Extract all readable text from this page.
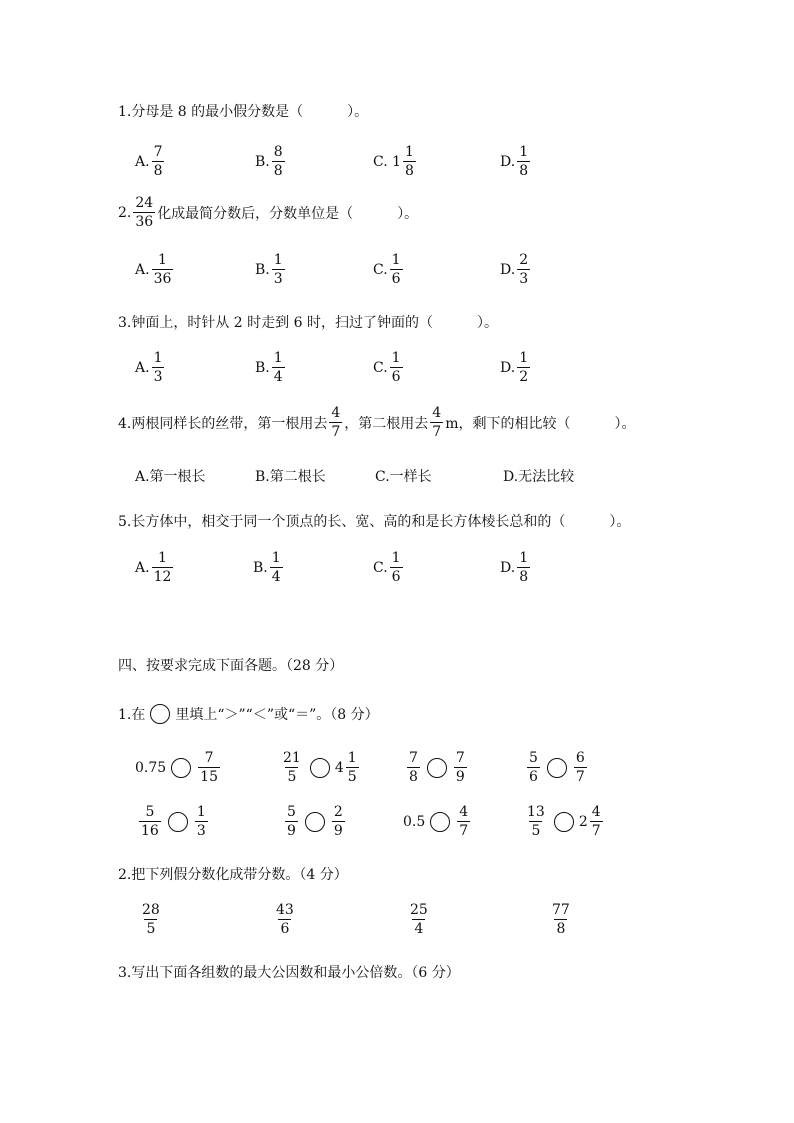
1.分母是 8 的最小假分数是（	）。
A. $\frac{7}{8}$	B. $\frac{8}{8}$	C. $1 \frac{1}{8}$	D. $\frac{1}{8}$
2. $\frac{24}{36}$ 化成最简分数后，分数单位是（	）。
A. $\frac{1}{36}$	B. $\frac{1}{3}$	C. $\frac{1}{6}$	D. $\frac{2}{3}$
3.钟面上，时针从 2 时走到 6 时，扫过了钟面的（	）。
A. $\frac{1}{3}$	B. $\frac{1}{4}$	C. $\frac{1}{6}$	D. $\frac{1}{2}$
4.两根同样长的丝带，第一根用去 $\frac{4}{7}$ ，第二根用去 $\frac{4}{7}$ m，剩下的相比较（	）。
A.第一根长	B.第二根长	C.一样长	D.无法比较
5.长方体中，相交于同一个顶点的长、宽、高的和是长方体棱长总和的（	）。
A. $\frac{1}{12}$	B. $\frac{1}{4}$	C. $\frac{1}{6}$	D. $\frac{1}{8}$
四、按要求完成下面各题。（28 分）
1.在 里填上“＞”“＜”或“＝”。（8 分）
$0.75 \frac{7}{15}$	$\frac{21}{5} 4 \frac{1}{5}$	$\frac{7}{8} \frac{7}{9}$	$\frac{5}{6} \frac{6}{7}$
$\frac{5}{16} \frac{1}{3}$	$\frac{5}{9} \frac{2}{9}$	$0.5 \frac{4}{7}$	$\frac{13}{5} 2 \frac{4}{7}$
2.把下列假分数化成带分数。（4 分）
$\frac{28}{5}$	$\frac{43}{6}$	$\frac{25}{4}$	$\frac{77}{8}$
3.写出下面各组数的最大公因数和最小公倍数。（6 分）
